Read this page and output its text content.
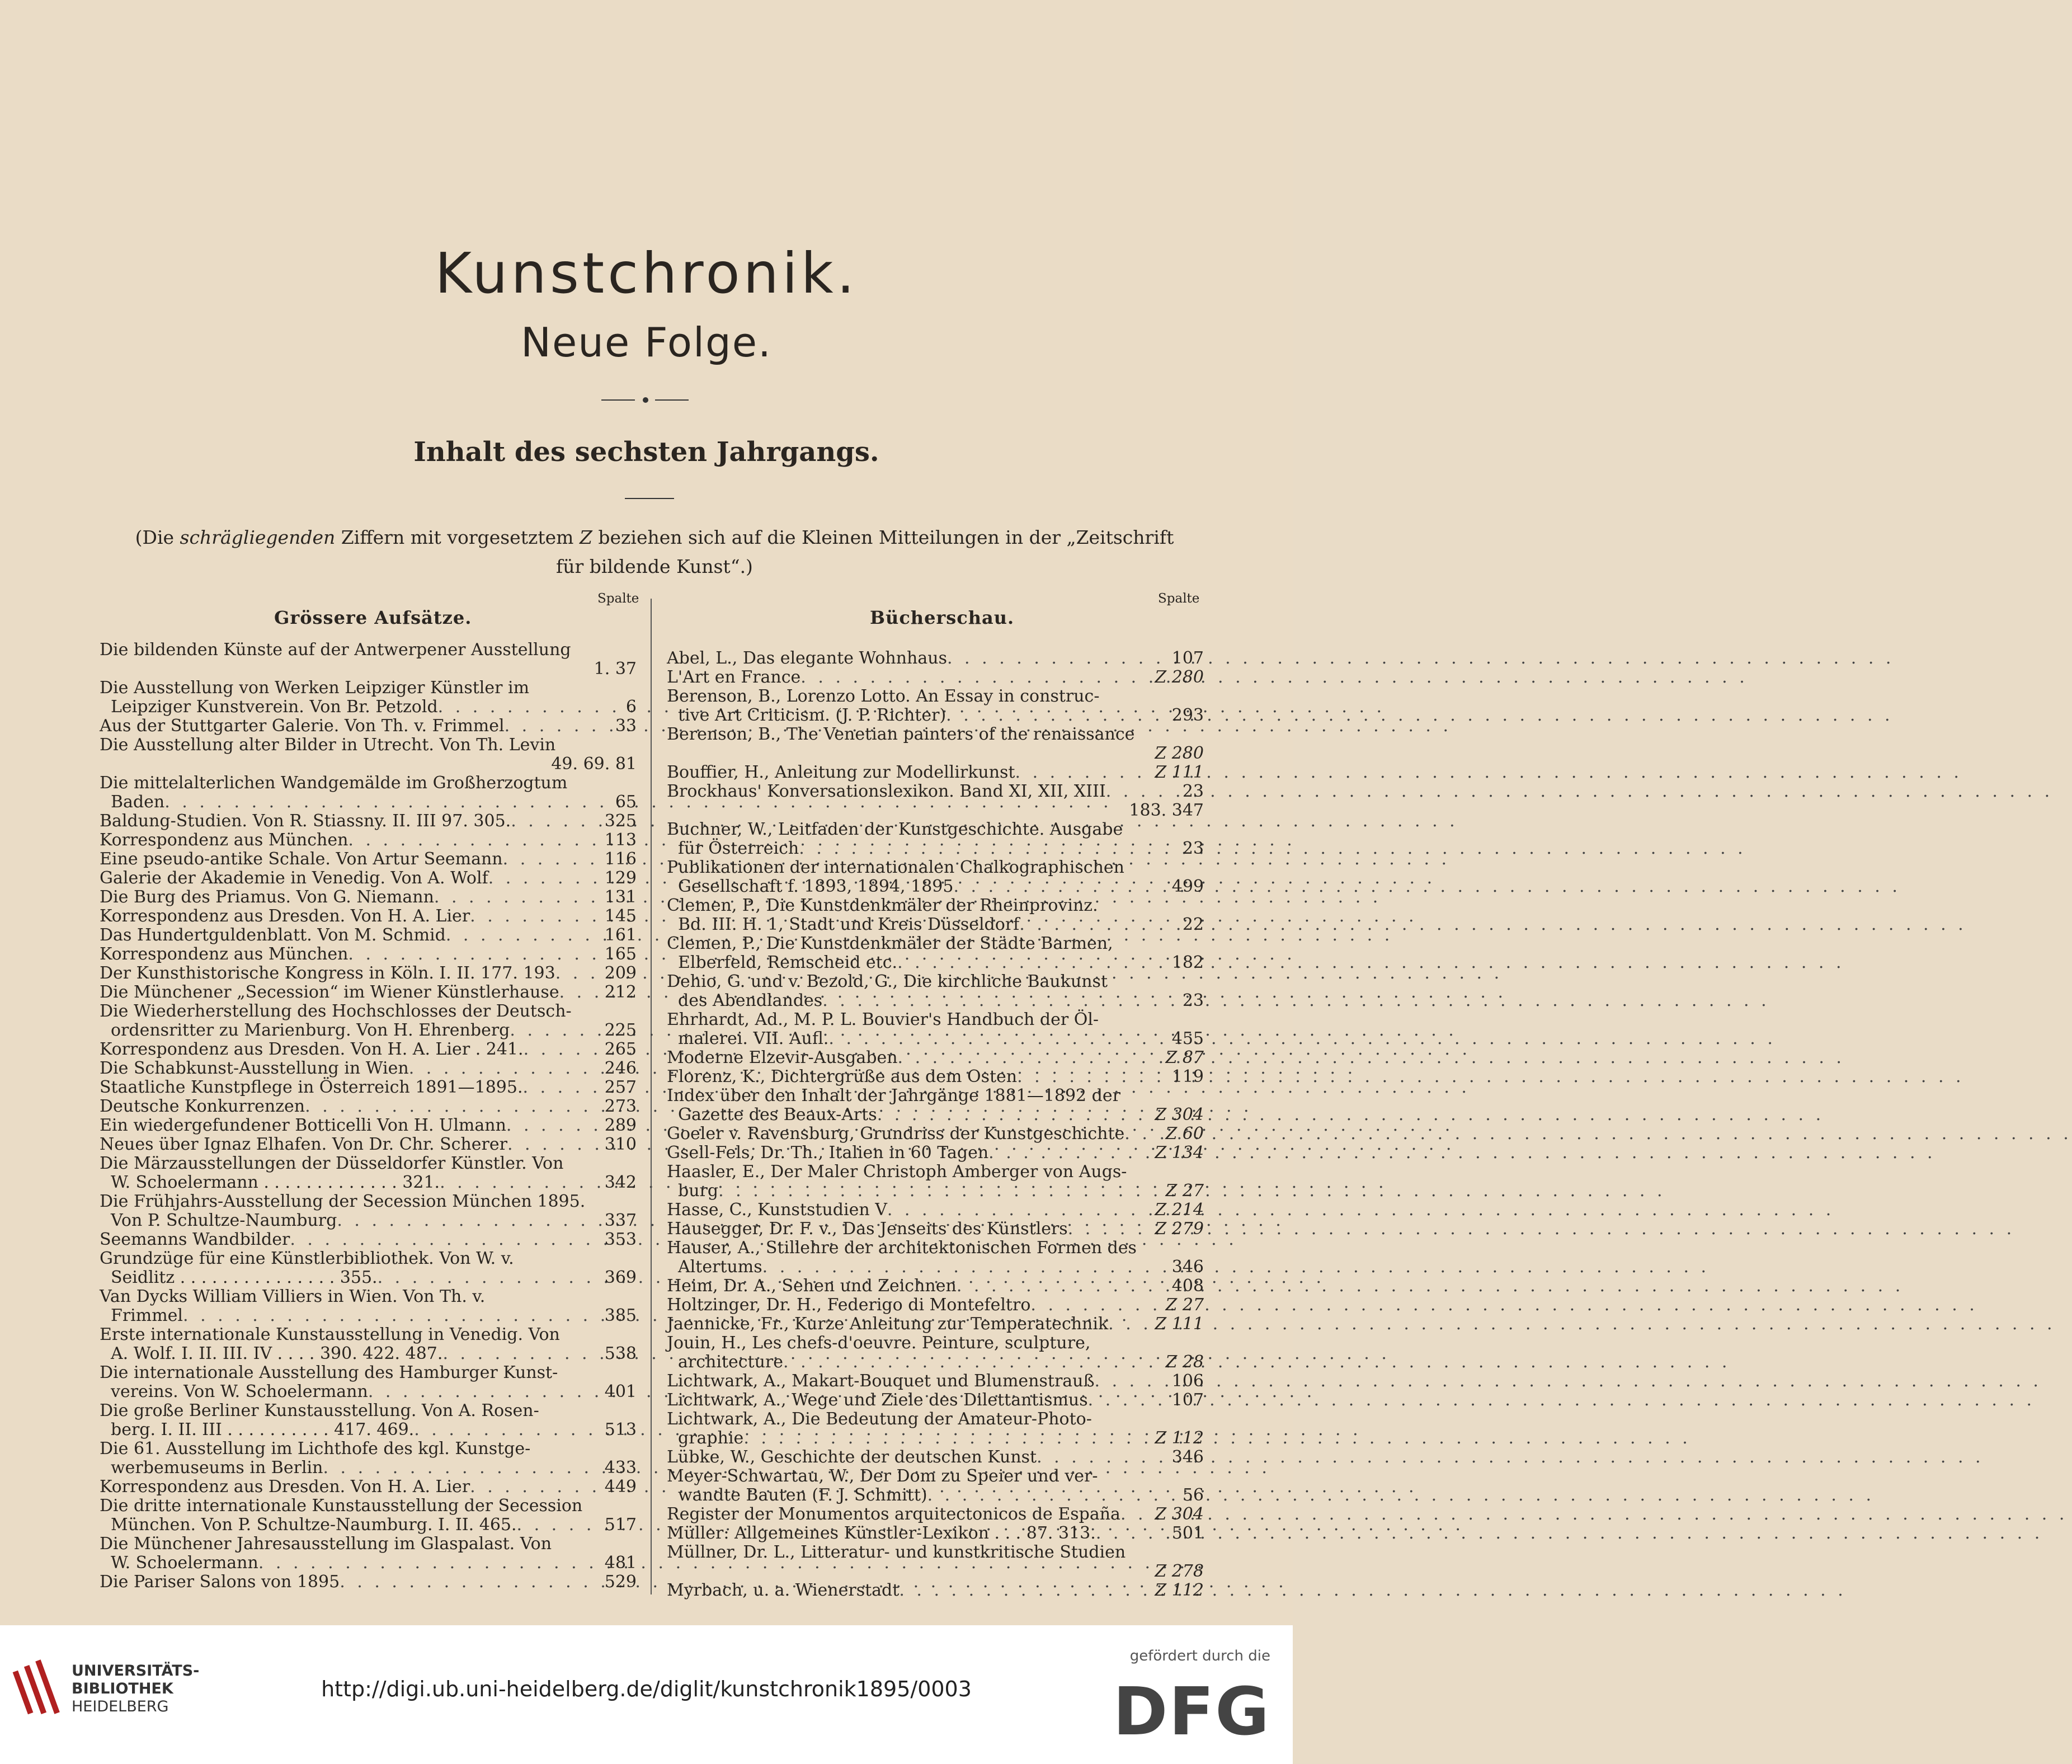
Kunstchronik.
Neue Folge.
Inhalt des sechsten Jahrgangs.
(Die schrägliegenden Ziffern mit vorgesetztem Z beziehen sich auf die Kleinen Mitteilungen in der „Zeitschrift für bildende Kunst“.)
Spalte
Grössere Aufsätze.
Spalte
Bücherschau.
Die bildenden Künste auf der Antwerpener Ausstellung
1. 37
Die Ausstellung von Werken Leipziger Künstler im
Leipziger Kunstverein. Von Br. Petzold . . .	6
Aus der Stuttgarter Galerie. Von Th. v. Frimmel . . .	33
Die Ausstellung alter Bilder in Utrecht. Von Th. Levin
49. 69. 81
Die mittelalterlichen Wandgemälde im Großherzogtum
Baden . . .	65
Baldung-Studien. Von R. Stiassny. II. III 97. 305. . . .	325
Korrespondenz aus München . . .	113
Eine pseudo-antike Schale. Von Artur Seemann . . .	116
Galerie der Akademie in Venedig. Von A. Wolf . . .	129
Die Burg des Priamus. Von G. Niemann . . .	131
Korrespondenz aus Dresden. Von H. A. Lier . . .	145
Das Hundertguldenblatt. Von M. Schmid . . .	161
Korrespondenz aus München . . .	165
Der Kunsthistorische Kongress in Köln. I. II. 177. 193 . . .	209
Die Münchener „Secession“ im Wiener Künstlerhause . . .	212
Die Wiederherstellung des Hochschlosses der Deutsch-
ordensritter zu Marienburg. Von H. Ehrenberg . . .	225
Korrespondenz aus Dresden. Von H. A. Lier . 241. . . .	265
Die Schabkunst-Ausstellung in Wien . . .	246
Staatliche Kunstpflege in Österreich 1891—1895. . . .	257
Deutsche Konkurrenzen . . .	273
Ein wiedergefundener Botticelli Von H. Ulmann . . .	289
Neues über Ignaz Elhafen. Von Dr. Chr. Scherer . . .	310
Die Märzausstellungen der Düsseldorfer Künstler. Von
W. Schoelermann . . . . . . . . . . . . . 321. . . .	342
Die Frühjahrs-Ausstellung der Secession München 1895.
Von P. Schultze-Naumburg . . .	337
Seemanns Wandbilder . . .	353
Grundzüge für eine Künstlerbibliothek. Von W. v.
Seidlitz . . . . . . . . . . . . . . . 355. . . .	369
Van Dycks William Villiers in Wien. Von Th. v.
Frimmel . . .	385
Erste internationale Kunstausstellung in Venedig. Von
A. Wolf. I. II. III. IV . . . . 390. 422. 487. . . .	538
Die internationale Ausstellung des Hamburger Kunst-
vereins. Von W. Schoelermann . . .	401
Die große Berliner Kunstausstellung. Von A. Rosen-
berg. I. II. III . . . . . . . . . . 417. 469. . . .	513
Die 61. Ausstellung im Lichthofe des kgl. Kunstge-
werbemuseums in Berlin . . .	433
Korrespondenz aus Dresden. Von H. A. Lier . . .	449
Die dritte internationale Kunstausstellung der Secession
München. Von P. Schultze-Naumburg. I. II. 465. . . .	517
Die Münchener Jahresausstellung im Glaspalast. Von
W. Schoelermann . . .	481
Die Pariser Salons von 1895 . . .	529
Abel, L., Das elegante Wohnhaus . . .	107
L'Art en France . . .	Z 280
Berenson, B., Lorenzo Lotto. An Essay in construc-
tive Art Criticism. (J. P. Richter) . . .	293
Berenson, B., The Venetian painters of the renaissance
Z 280
Bouffier, H., Anleitung zur Modellirkunst . . .	Z 111
Brockhaus' Konversationslexikon. Band XI, XII, XIII . . .	23
183. 347
Buchner, W., Leitfaden der Kunstgeschichte. Ausgabe
für Österreich . . .	23
Publikationen der internationalen Chalkographischen
Gesellschaft f. 1893, 1894, 1895 . . .	499
Clemen, P., Die Kunstdenkmäler der Rheinprovinz.
Bd. III. H. 1, Stadt und Kreis Düsseldorf . . .	22
Clemen, P., Die Kunstdenkmäler der Städte Barmen,
Elberfeld, Remscheid etc. . . .	182
Dehio, G. und v. Bezold, G., Die kirchliche Baukunst
des Abendlandes . . .	23
Ehrhardt, Ad., M. P. L. Bouvier's Handbuch der Öl-
malerei. VII. Aufl. . . .	455
Moderne Elzevir-Ausgaben . . .	Z 87
Florenz, K., Dichtergrüße aus dem Osten . . .	119
Index über den Inhalt der Jahrgänge 1881—1892 der
Gazette des Beaux-Arts . . .	Z 304
Goeler v. Ravensburg, Grundriss der Kunstgeschichte . . . Z 60
Gsell-Fels, Dr. Th., Italien in 60 Tagen . . .	Z 134
Haasler, E., Der Maler Christoph Amberger von Augs-
burg . . .	Z 27
Hasse, C., Kunststudien V . . .	Z 214
Hausegger, Dr. F. v., Das Jenseits des Künstlers . . .	Z 279
Hauser, A., Stillehre der architektonischen Formen des
Altertums . . .	346
Heim, Dr. A., Sehen und Zeichnen . . .	408
Holtzinger, Dr. H., Federigo di Montefeltro . . .	Z 27
Jaennicke, Fr., Kurze Anleitung zur Temperatechnik . . .	Z 111
Jouin, H., Les chefs-d'oeuvre. Peinture, sculpture,
architecture . . .	Z 28
Lichtwark, A., Makart-Bouquet und Blumenstrauß . . .	106
Lichtwark, A., Wege und Ziele des Dilettantismus . . .	107
Lichtwark, A., Die Bedeutung der Amateur-Photo-
graphie . . .	Z 112
Lübke, W., Geschichte der deutschen Kunst . . .	346
Meyer-Schwartau, W., Der Dom zu Speier und ver-
wandte Bauten (F. J. Schmitt) . . .	56
Register der Monumentos arquitectonicos de España . . . Z 304
Müller: Allgemeines Künstler-Lexikon . . . 87. 313. . . .	501
Müllner, Dr. L., Litteratur- und kunstkritische Studien
Z 278
Myrbach, u. a. Wienerstadt . . .	Z 112
UNIVERSITÄTS-
BIBLIOTHEK
HEIDELBERG
http://digi.ub.uni-heidelberg.de/diglit/kunstchronik1895/0003
gefördert durch die
DFG
